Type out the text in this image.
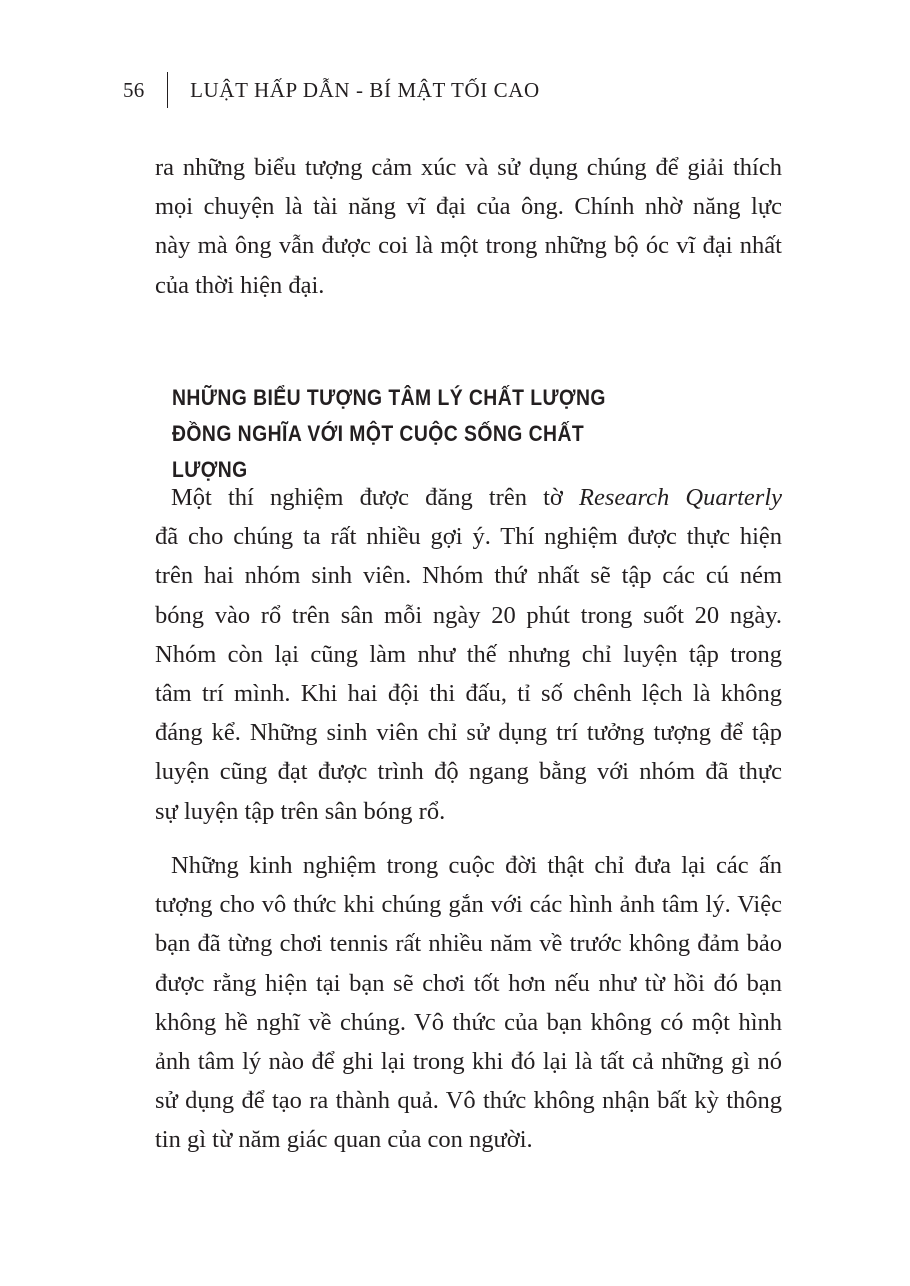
56 LUẬT HẤP DẪN - BÍ MẬT TỐI CAO

ra những biểu tượng cảm xúc và sử dụng chúng để giải thích
mọi chuyện là tài năng vĩ đại của ông. Chính nhờ năng lực
này mà ông vẫn được coi là một trong những bộ óc vĩ đại nhất
của thời hiện đại.

NHỮNG BIỂU TƯỢNG TÂM LÝ CHẤT LƯỢNG
ĐỒNG NGHĨA VỚI MỘT CUỘC SỐNG CHẤT LƯỢNG

Một thí nghiệm được đăng trên tờ Research Quarterly
đã cho chúng ta rất nhiều gợi ý. Thí nghiệm được thực hiện
trên hai nhóm sinh viên. Nhóm thứ nhất sẽ tập các cú ném
bóng vào rổ trên sân mỗi ngày 20 phút trong suốt 20 ngày.
Nhóm còn lại cũng làm như thế nhưng chỉ luyện tập trong
tâm trí mình. Khi hai đội thi đấu, tỉ số chênh lệch là không
đáng kể. Những sinh viên chỉ sử dụng trí tưởng tượng để tập
luyện cũng đạt được trình độ ngang bằng với nhóm đã thực
sự luyện tập trên sân bóng rổ.

Những kinh nghiệm trong cuộc đời thật chỉ đưa lại các ấn
tượng cho vô thức khi chúng gắn với các hình ảnh tâm lý. Việc
bạn đã từng chơi tennis rất nhiều năm về trước không đảm bảo
được rằng hiện tại bạn sẽ chơi tốt hơn nếu như từ hồi đó bạn
không hề nghĩ về chúng. Vô thức của bạn không có một hình
ảnh tâm lý nào để ghi lại trong khi đó lại là tất cả những gì nó
sử dụng để tạo ra thành quả. Vô thức không nhận bất kỳ thông
tin gì từ năm giác quan của con người.
